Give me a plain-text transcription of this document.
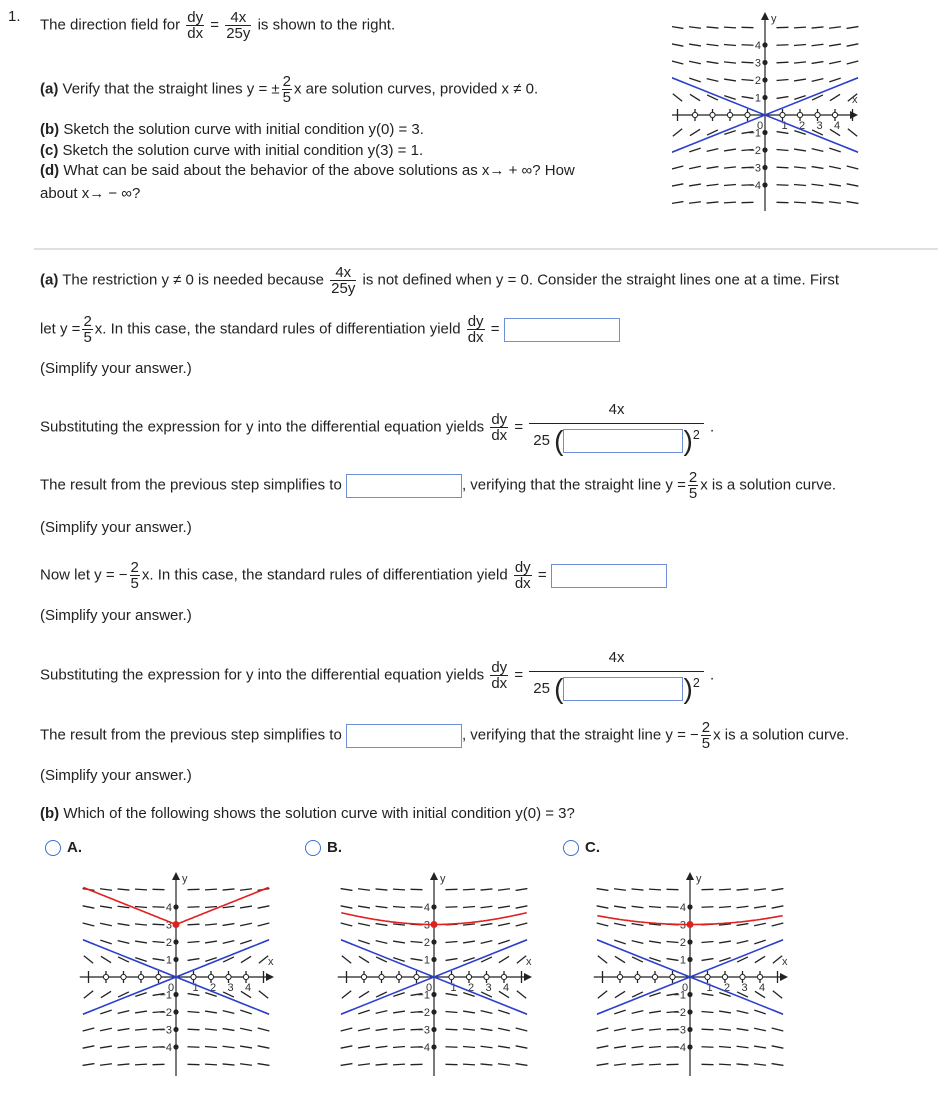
1. The direction field for $\frac{dy}{dx} = \frac{4x}{25y}$ is shown to the right.
(a) Verify that the straight lines y = ± $\frac{2}{5}$ x are solution curves, provided x ≠ 0.
(b) Sketch the solution curve with initial condition y(0) = 3.
(c) Sketch the solution curve with initial condition y(3) = 1.
(d) What can be said about the behavior of the above solutions as x→ + ∞? How
about x→ − ∞?
4
3
2
1
−1
−2
−3
−4
0 1 2 3 4
x
y
(a) The restriction y ≠ 0 is needed because $\frac{4x}{25y}$ is not defined when y = 0. Consider the straight lines one at a time. First
let $y = \frac{2}{5} x$. In this case, the standard rules of differentiation yield $\frac{dy}{dx}$ =
(Simplify your answer.)
Substituting the expression for y into the differential equation yields $\frac{dy}{dx} = 4x$
25 (	)$^2$ .
The result from the previous step simplifies to	, verifying that the straight line $y = \frac{2}{5}$ x is a solution curve.
(Simplify your answer.)
Now let y = − $\frac{2}{5} x$. In this case, the standard rules of differentiation yield $\frac{dy}{dx}$ =
(Simplify your answer.)
Substituting the expression for y into the differential equation yields $\frac{dy}{dx} = 4x$
25 (	)$^2$ .
The result from the previous step simplifies to	, verifying that the straight line y = − $\frac{2}{5}$ x is a solution curve.
(Simplify your answer.)
(b) Which of the following shows the solution curve with initial condition y(0) = 3?
A.	B.	C.
4
3
2
1
−1
−2
−3
−4
0 1 2 3 4
x
y
4
3
2
1
−1
−2
−3
−4
0 1 2 3 4
x
y
4
3
2
1
−1
−2
−3
−4
0 1 2 3 4
x
y
